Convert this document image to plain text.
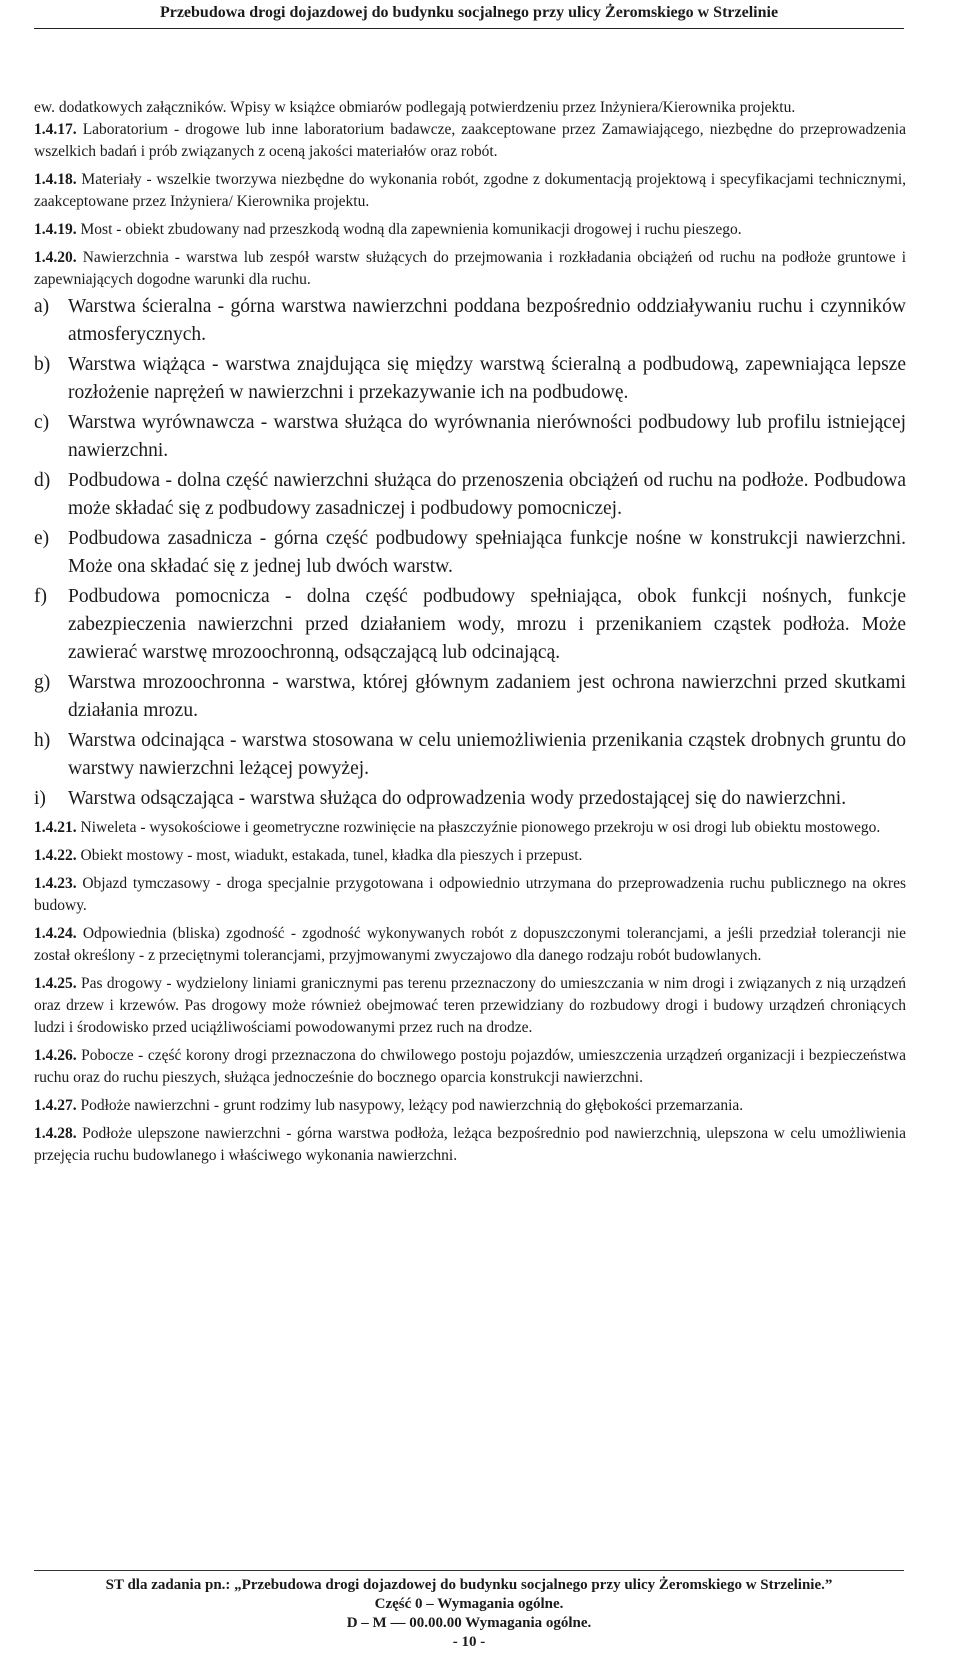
Przebudowa drogi dojazdowej do budynku socjalnego przy ulicy Żeromskiego w Strzelinie

ew. dodatkowych załączników. Wpisy w książce obmiarów podlegają potwierdzeniu przez Inżyniera/Kierownika projektu.

1.4.17. Laboratorium - drogowe lub inne laboratorium badawcze, zaakceptowane przez Zamawiającego, niezbędne do przeprowadzenia wszelkich badań i prób związanych z oceną jakości materiałów oraz robót.

1.4.18. Materiały - wszelkie tworzywa niezbędne do wykonania robót, zgodne z dokumentacją projektową i specyfikacjami technicznymi, zaakceptowane przez Inżyniera/ Kierownika projektu.

1.4.19. Most - obiekt zbudowany nad przeszkodą wodną dla zapewnienia komunikacji drogowej i ruchu pieszego.

1.4.20. Nawierzchnia - warstwa lub zespół warstw służących do przejmowania i rozkładania obciążeń od ruchu na podłoże gruntowe i zapewniających dogodne warunki dla ruchu.

a) Warstwa ścieralna - górna warstwa nawierzchni poddana bezpośrednio oddziaływaniu ruchu i czynników atmosferycznych.

b) Warstwa wiążąca - warstwa znajdująca się między warstwą ścieralną a podbudową, zapewniająca lepsze rozłożenie naprężeń w nawierzchni i przekazywanie ich na podbudowę.

c) Warstwa wyrównawcza - warstwa służąca do wyrównania nierówności podbudowy lub profilu istniejącej nawierzchni.

d) Podbudowa - dolna część nawierzchni służąca do przenoszenia obciążeń od ruchu na podłoże. Podbudowa może składać się z podbudowy zasadniczej i podbudowy pomocniczej.

e) Podbudowa zasadnicza - górna część podbudowy spełniająca funkcje nośne w konstrukcji nawierzchni. Może ona składać się z jednej lub dwóch warstw.

f) Podbudowa pomocnicza - dolna część podbudowy spełniająca, obok funkcji nośnych, funkcje zabezpieczenia nawierzchni przed działaniem wody, mrozu i przenikaniem cząstek podłoża. Może zawierać warstwę mrozoochronną, odsączającą lub odcinającą.

g) Warstwa mrozoochronna - warstwa, której głównym zadaniem jest ochrona nawierzchni przed skutkami działania mrozu.

h) Warstwa odcinająca - warstwa stosowana w celu uniemożliwienia przenikania cząstek drobnych gruntu do warstwy nawierzchni leżącej powyżej.

i) Warstwa odsączająca - warstwa służąca do odprowadzenia wody przedostającej się do nawierzchni.

1.4.21. Niweleta - wysokościowe i geometryczne rozwinięcie na płaszczyźnie pionowego przekroju w osi drogi lub obiektu mostowego.

1.4.22. Obiekt mostowy - most, wiadukt, estakada, tunel, kładka dla pieszych i przepust.

1.4.23. Objazd tymczasowy - droga specjalnie przygotowana i odpowiednio utrzymana do przeprowadzenia ruchu publicznego na okres budowy.

1.4.24. Odpowiednia (bliska) zgodność - zgodność wykonywanych robót z dopuszczonymi tolerancjami, a jeśli przedział tolerancji nie został określony - z przeciętnymi tolerancjami, przyjmowanymi zwyczajowo dla danego rodzaju robót budowlanych.

1.4.25. Pas drogowy - wydzielony liniami granicznymi pas terenu przeznaczony do umieszczania w nim drogi i związanych z nią urządzeń oraz drzew i krzewów. Pas drogowy może również obejmować teren przewidziany do rozbudowy drogi i budowy urządzeń chroniących ludzi i środowisko przed uciążliwościami powodowanymi przez ruch na drodze.

1.4.26. Pobocze - część korony drogi przeznaczona do chwilowego postoju pojazdów, umieszczenia urządzeń organizacji i bezpieczeństwa ruchu oraz do ruchu pieszych, służąca jednocześnie do bocznego oparcia konstrukcji nawierzchni.

1.4.27. Podłoże nawierzchni - grunt rodzimy lub nasypowy, leżący pod nawierzchnią do głębokości przemarzania.

1.4.28. Podłoże ulepszone nawierzchni - górna warstwa podłoża, leżąca bezpośrednio pod nawierzchnią, ulepszona w celu umożliwienia przejęcia ruchu budowlanego i właściwego wykonania nawierzchni.

ST dla zadania pn.: „Przebudowa drogi dojazdowej do budynku socjalnego przy ulicy Żeromskiego w Strzelinie.”
Część 0 – Wymagania ogólne.
D – M — 00.00.00 Wymagania ogólne.
- 10 -
